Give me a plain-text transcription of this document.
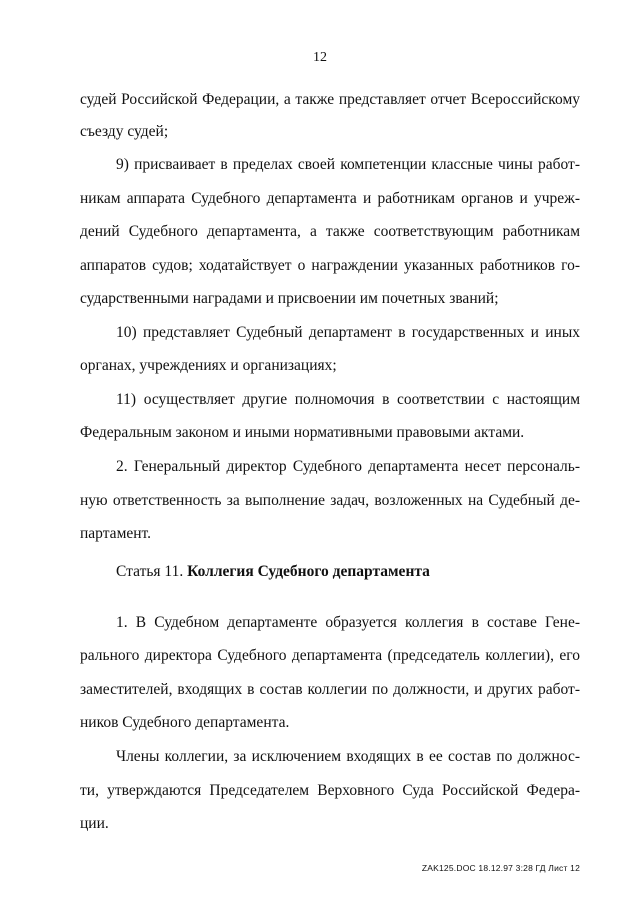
12
судей Российской Федерации, а также представляет отчет Всероссийскому
съезду судей;
9) присваивает в пределах своей компетенции классные чины работ-
никам аппарата Судебного департамента и работникам органов и учреж-
дений Судебного департамента, а также соответствующим работникам
аппаратов судов; ходатайствует о награждении указанных работников го-
сударственными наградами и присвоении им почетных званий;
10) представляет Судебный департамент в государственных и иных
органах, учреждениях и организациях;
11) осуществляет другие полномочия в соответствии с настоящим
Федеральным законом и иными нормативными правовыми актами.
2. Генеральный директор Судебного департамента несет персональ-
ную ответственность за выполнение задач, возложенных на Судебный де-
партамент.
Статья 11. Коллегия Судебного департамента
1. В Судебном департаменте образуется коллегия в составе Гене-
рального директора Судебного департамента (председатель коллегии), его
заместителей, входящих в состав коллегии по должности, и других работ-
ников Судебного департамента.
Члены коллегии, за исключением входящих в ее состав по должнос-
ти, утверждаются Председателем Верховного Суда Российской Федера-
ции.
ZAK125.DOC 18.12.97 3:28 ГД Лист 12
